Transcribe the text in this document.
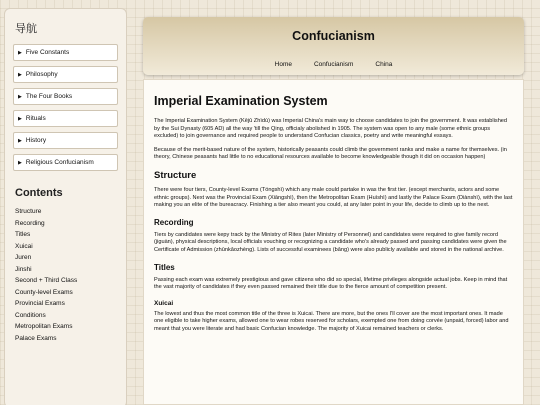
导航
▶ Five Constants
▶ Philosophy
▶ The Four Books
▶ Rituals
▶ History
▶ Religious Confucianism
Contents
Structure
Recording
Titles
Xuicai
Juren
Jinshi
Second + Third Class
County-level Exams
Provincial Exams
Conditions
Metropolitan Exams
Palace Exams
Confucianism
Home	Confucianism	China
Imperial Examination System

The Imperial Examination System (Kējǔ Zhìdù) was Imperial China's main way to choose candidates to join the government. It was established by the Sui Dynasty (605 AD) all the way 'till the Qing, officialy abolished in 1905. The system was open to any male (some ethnic groups excluded) to join governance and required people to understand Confucian classics, poetry and write meaningful essays.

Because of the merit-based nature of the system, historically peasants could climb the government ranks and make a name for themselves. (in theory, Chinese peasants had little to no educational resources available to become knowledgeable though it did on occasion happen)

Structure

There were four tiers, County-level Exams (Tóngshì) which any male could partake in was the first tier. (except merchants, actors and some ethnic groups). Next was the Provincial Exam (Xiāngshì), then the Metropolitan Exam (Huìshì) and lastly the Palace Exam (Diànshì), with the last making you an elite of the bureacracy. Finishing a tier also meant you could, at any later point in your life, decide to climb up to the next.

Recording

Tiers by candidates were kepy track by the Ministry of Rites (later Ministry of Personnel) and candidates were required to give family record (jiguàn), physical descriptions, local officials vouching or recognizing a candidate who's already passed and passing candidates were given the Certificate of Admission (zhūnkǎozhèng). Lists of successful examinees (bǎng) were also publicly available and stored in the national archive.

Titles

Passing each exam was extremely prestigious and gave citizens who did so special, lifetime privileges alongside actual jobs. Keep in mind that the vast majority of candidates if they even passed remained their title due to the fierce amount of competition present.

Xuicai

The lowest and thus the most common title of the three is Xuicai. There are more, but the ones I'll cover are the most important ones. It made one eligible to take higher exams, allowed one to wear robes reserved for scholars, exempted one from doing corvée (unpaid, forced) labor and meant that you were literate and had basic Confucian knowledge. The majority of Xuicai remained teachers or clerks.
